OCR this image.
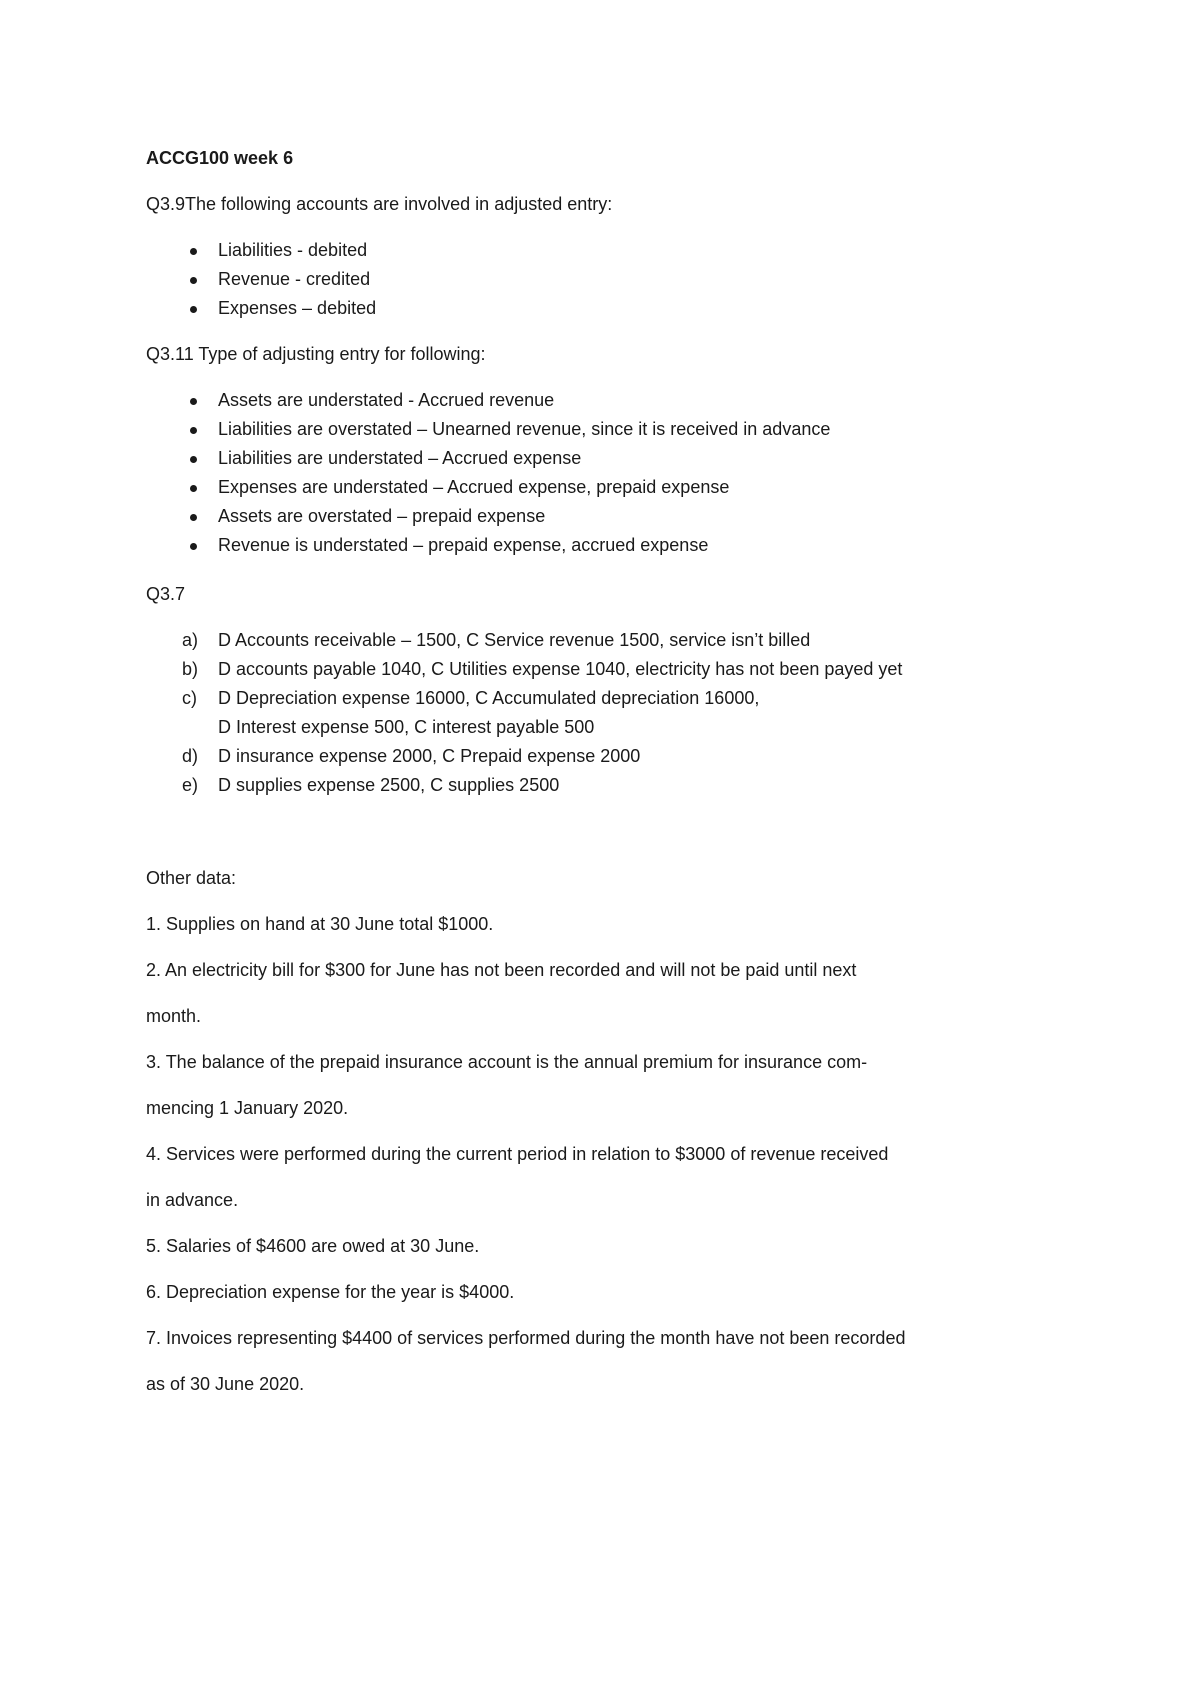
ACCG100 week 6
Q3.9The following accounts are involved in adjusted entry:
Liabilities - debited
Revenue - credited
Expenses – debited
Q3.11 Type of adjusting entry for following:
Assets are understated - Accrued revenue
Liabilities are overstated – Unearned revenue, since it is received in advance
Liabilities are understated – Accrued expense
Expenses are understated – Accrued expense, prepaid expense
Assets are overstated – prepaid expense
Revenue is understated – prepaid expense, accrued expense
Q3.7
a) D Accounts receivable – 1500, C Service revenue 1500, service isn’t billed
b) D accounts payable 1040, C Utilities expense 1040, electricity has not been payed yet
c) D Depreciation expense 16000, C Accumulated depreciation 16000,
D Interest expense 500, C interest payable 500
d) D insurance expense 2000, C Prepaid expense 2000
e) D supplies expense 2500, C supplies 2500
Other data:
1. Supplies on hand at 30 June total $1000.
2. An electricity bill for $300 for June has not been recorded and will not be paid until next
month.
3. The balance of the prepaid insurance account is the annual premium for insurance com-
mencing 1 January 2020.
4. Services were performed during the current period in relation to $3000 of revenue received
in advance.
5. Salaries of $4600 are owed at 30 June.
6. Depreciation expense for the year is $4000.
7. Invoices representing $4400 of services performed during the month have not been recorded
as of 30 June 2020.
